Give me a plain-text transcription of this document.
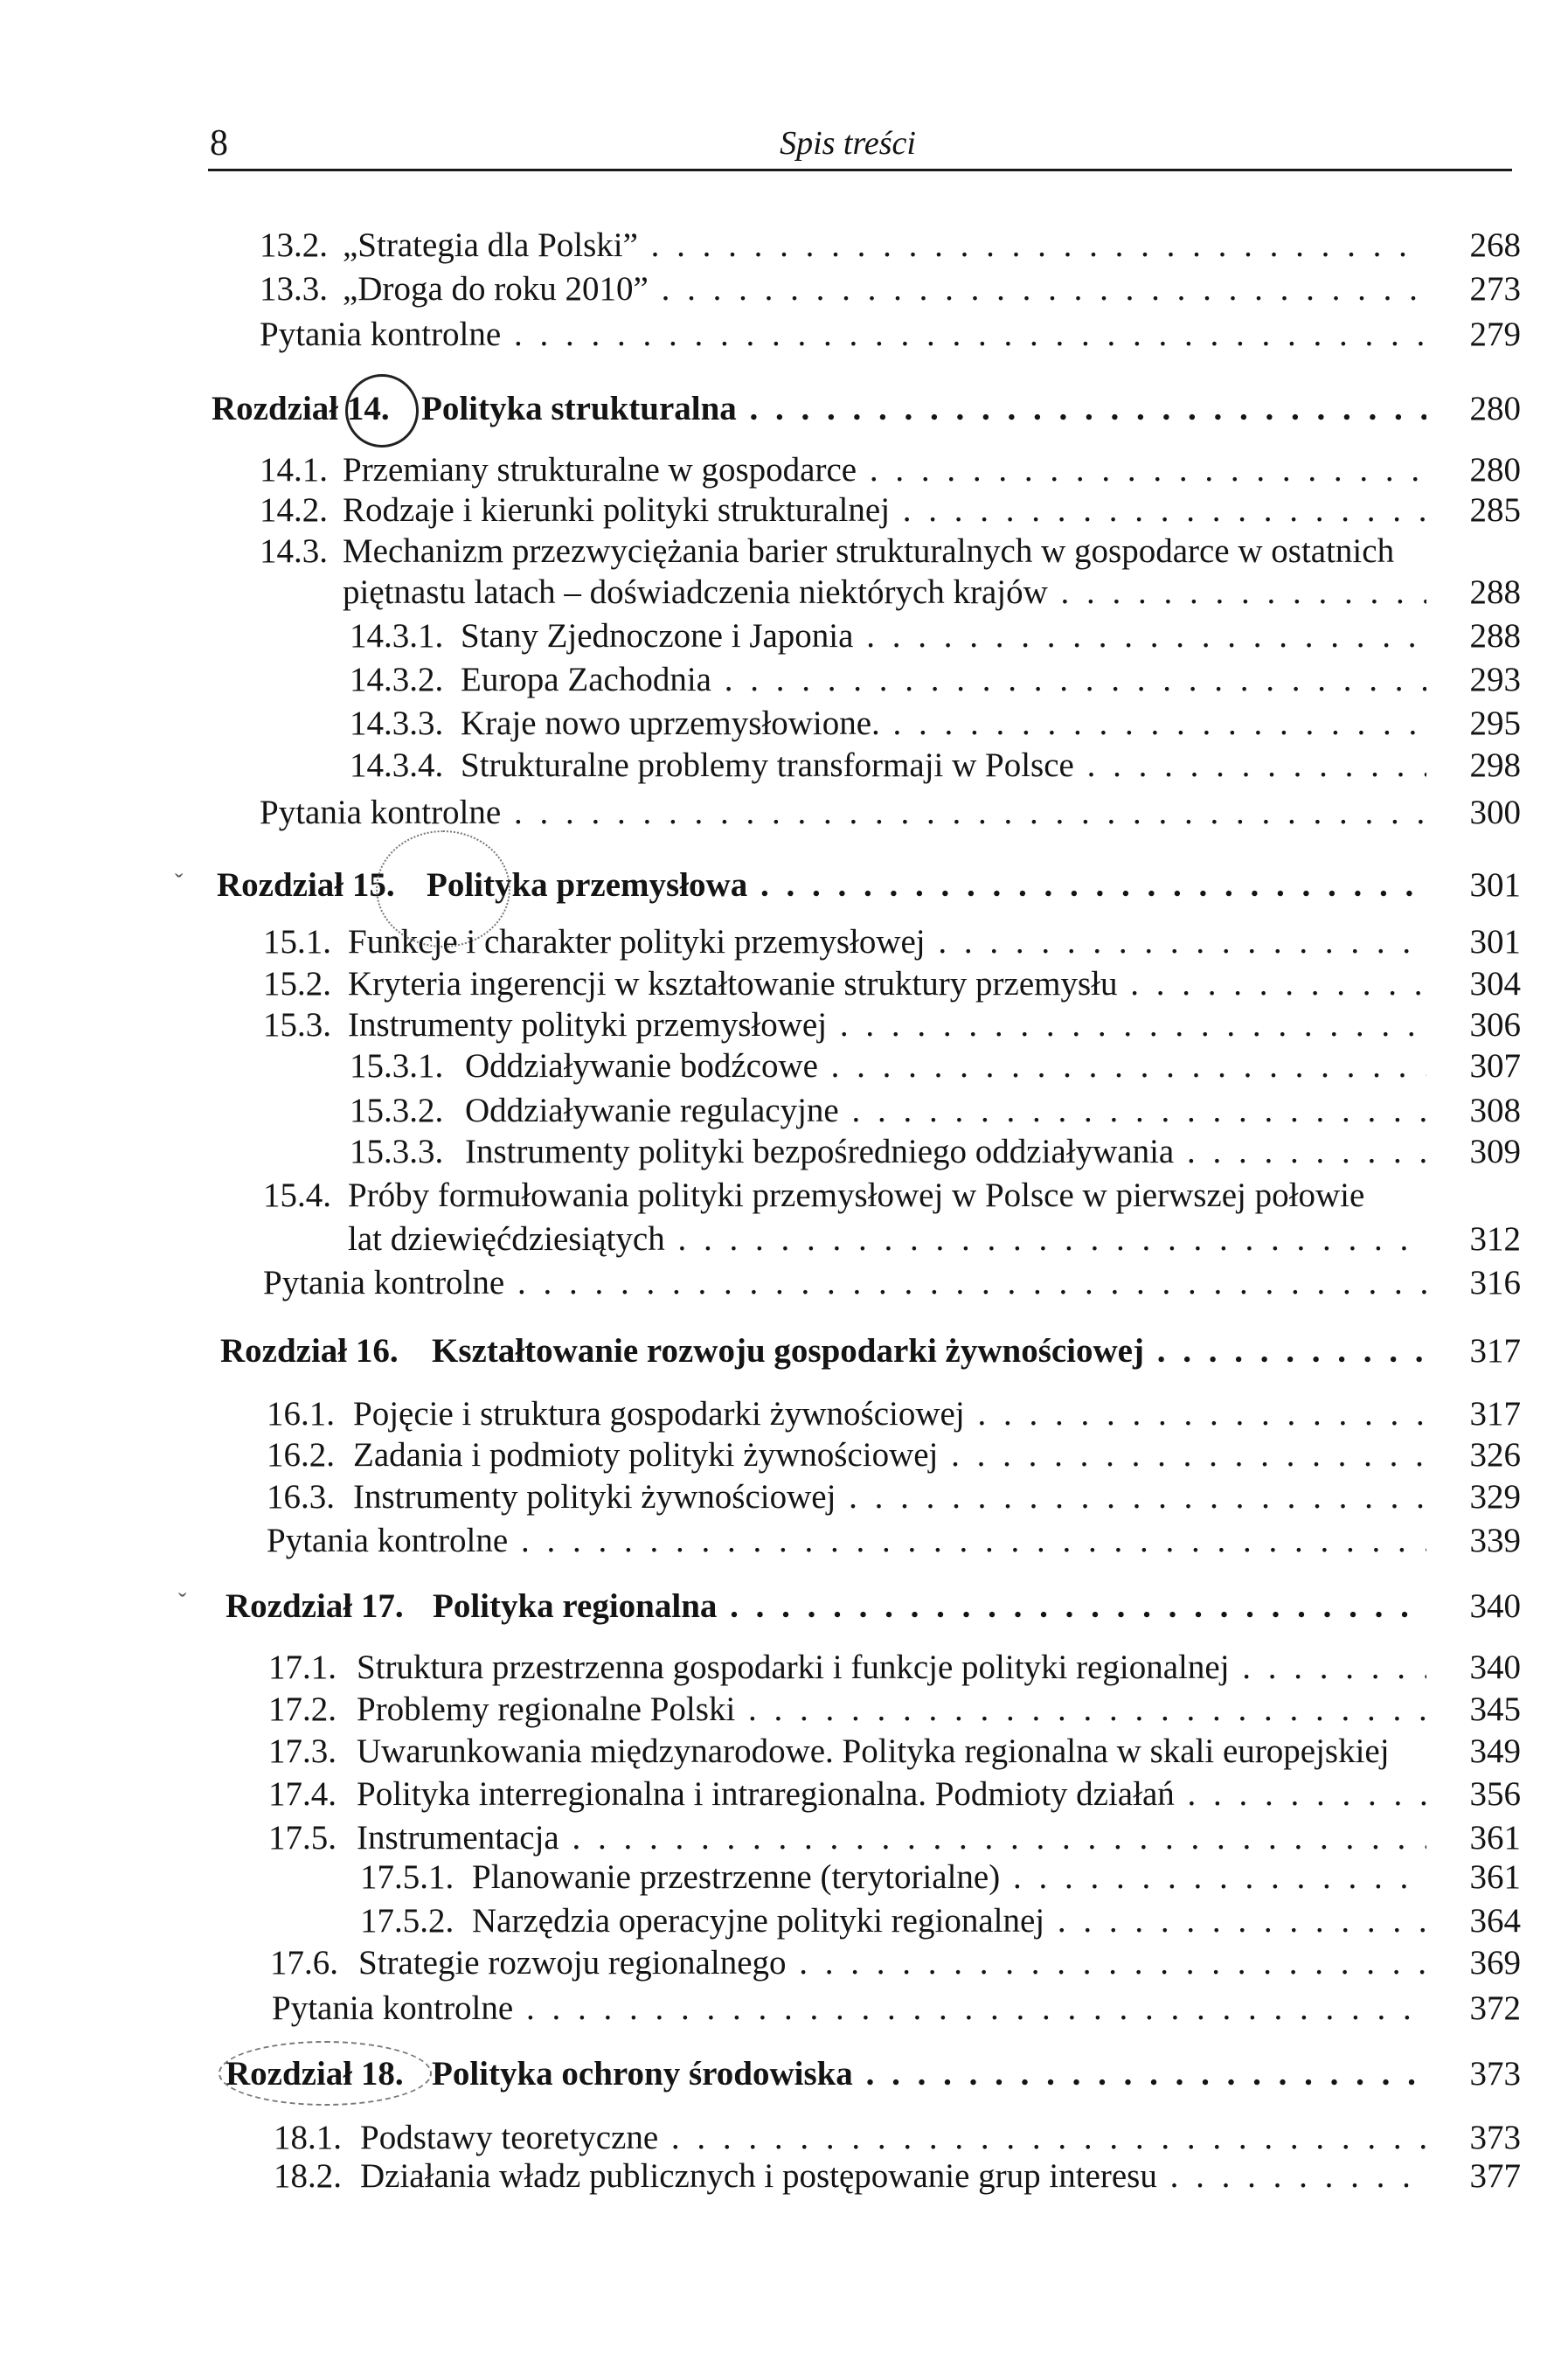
8	Spis treści
13.2. „Strategia dla Polski” . . .	268
13.3. „Droga do roku 2010” . . .	273
Pytania kontrolne . . .	279
Rozdział 14. Polityka strukturalna . . .	280
14.1. Przemiany strukturalne w gospodarce . . .	280
14.2. Rodzaje i kierunki polityki strukturalnej . . .	285
14.3. Mechanizm przezwyciężania barier strukturalnych w gospodarce w ostatnich
piętnastu latach – doświadczenia niektórych krajów . . .	288
14.3.1. Stany Zjednoczone i Japonia . . .	288
14.3.2. Europa Zachodnia . . .	293
14.3.3. Kraje nowo uprzemysłowione. . . .	295
14.3.4. Strukturalne problemy transformaji w Polsce . . .	298
Pytania kontrolne . . .	300
Rozdział 15. Polityka przemysłowa . . .	301
15.1. Funkcje i charakter polityki przemysłowej . . .	301
15.2. Kryteria ingerencji w kształtowanie struktury przemysłu . . .	304
15.3. Instrumenty polityki przemysłowej . . .	306
15.3.1. Oddziaływanie bodźcowe . . .	307
15.3.2. Oddziaływanie regulacyjne . . .	308
15.3.3. Instrumenty polityki bezpośredniego oddziaływania . . .	309
15.4. Próby formułowania polityki przemysłowej w Polsce w pierwszej połowie
lat dziewięćdziesiątych . . .	312
Pytania kontrolne . . .	316
Rozdział 16. Kształtowanie rozwoju gospodarki żywnościowej . . .	317
16.1. Pojęcie i struktura gospodarki żywnościowej . . .	317
16.2. Zadania i podmioty polityki żywnościowej . . .	326
16.3. Instrumenty polityki żywnościowej . . .	329
Pytania kontrolne . . .	339
Rozdział 17. Polityka regionalna . . .	340
17.1. Struktura przestrzenna gospodarki i funkcje polityki regionalnej . . .	340
17.2. Problemy regionalne Polski . . .	345
17.3. Uwarunkowania międzynarodowe. Polityka regionalna w skali europejskiej	349
17.4. Polityka interregionalna i intraregionalna. Podmioty działań . . .	356
17.5. Instrumentacja . . .	361
17.5.1. Planowanie przestrzenne (terytorialne) . . .	361
17.5.2. Narzędzia operacyjne polityki regionalnej . . .	364
17.6. Strategie rozwoju regionalnego . . .	369
Pytania kontrolne . . .	372
Rozdział 18. Polityka ochrony środowiska . . .	373
18.1. Podstawy teoretyczne . . .	373
18.2. Działania władz publicznych i postępowanie grup interesu . . .	377
ˇ
ˇ
